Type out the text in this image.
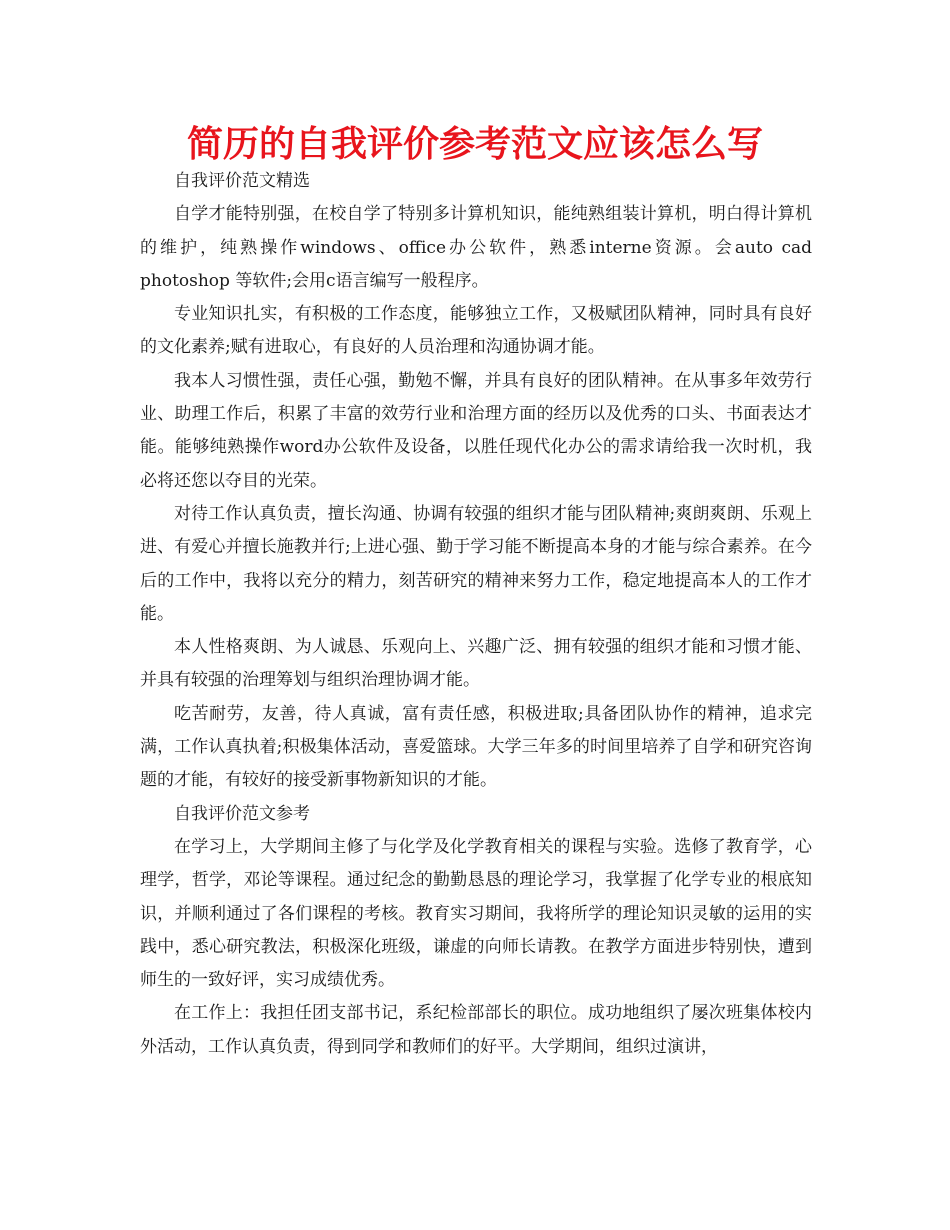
简历的自我评价参考范文应该怎么写

自我评价范文精选

自学才能特别强，在校自学了特别多计算机知识，能纯熟组装计算机，明白得计算机的维护，纯熟操作windows、office办公软件，熟悉interne资源。会auto cad photoshop 等软件;会用c语言编写一般程序。

专业知识扎实，有积极的工作态度，能够独立工作，又极赋团队精神，同时具有良好的文化素养;赋有进取心，有良好的人员治理和沟通协调才能。

我本人习惯性强，责任心强，勤勉不懈，并具有良好的团队精神。在从事多年效劳行业、助理工作后，积累了丰富的效劳行业和治理方面的经历以及优秀的口头、书面表达才能。能够纯熟操作word办公软件及设备，以胜任现代化办公的需求请给我一次时机，我必将还您以夺目的光荣。

对待工作认真负责，擅长沟通、协调有较强的组织才能与团队精神;爽朗爽朗、乐观上进、有爱心并擅长施教并行;上进心强、勤于学习能不断提高本身的才能与综合素养。在今后的工作中，我将以充分的精力，刻苦研究的精神来努力工作，稳定地提高本人的工作才能。

本人性格爽朗、为人诚恳、乐观向上、兴趣广泛、拥有较强的组织才能和习惯才能、并具有较强的治理筹划与组织治理协调才能。

吃苦耐劳，友善，待人真诚，富有责任感，积极进取;具备团队协作的精神，追求完满，工作认真执着;积极集体活动，喜爱篮球。大学三年多的时间里培养了自学和研究咨询题的才能，有较好的接受新事物新知识的才能。

自我评价范文参考

在学习上，大学期间主修了与化学及化学教育相关的课程与实验。选修了教育学，心理学，哲学，邓论等课程。通过纪念的勤勤恳恳的理论学习，我掌握了化学专业的根底知识，并顺利通过了各们课程的考核。教育实习期间，我将所学的理论知识灵敏的运用的实践中，悉心研究教法，积极深化班级，谦虚的向师长请教。在教学方面进步特别快，遭到师生的一致好评，实习成绩优秀。

在工作上：我担任团支部书记，系纪检部部长的职位。成功地组织了屡次班集体校内外活动，工作认真负责，得到同学和教师们的好平。大学期间，组织过演讲，
